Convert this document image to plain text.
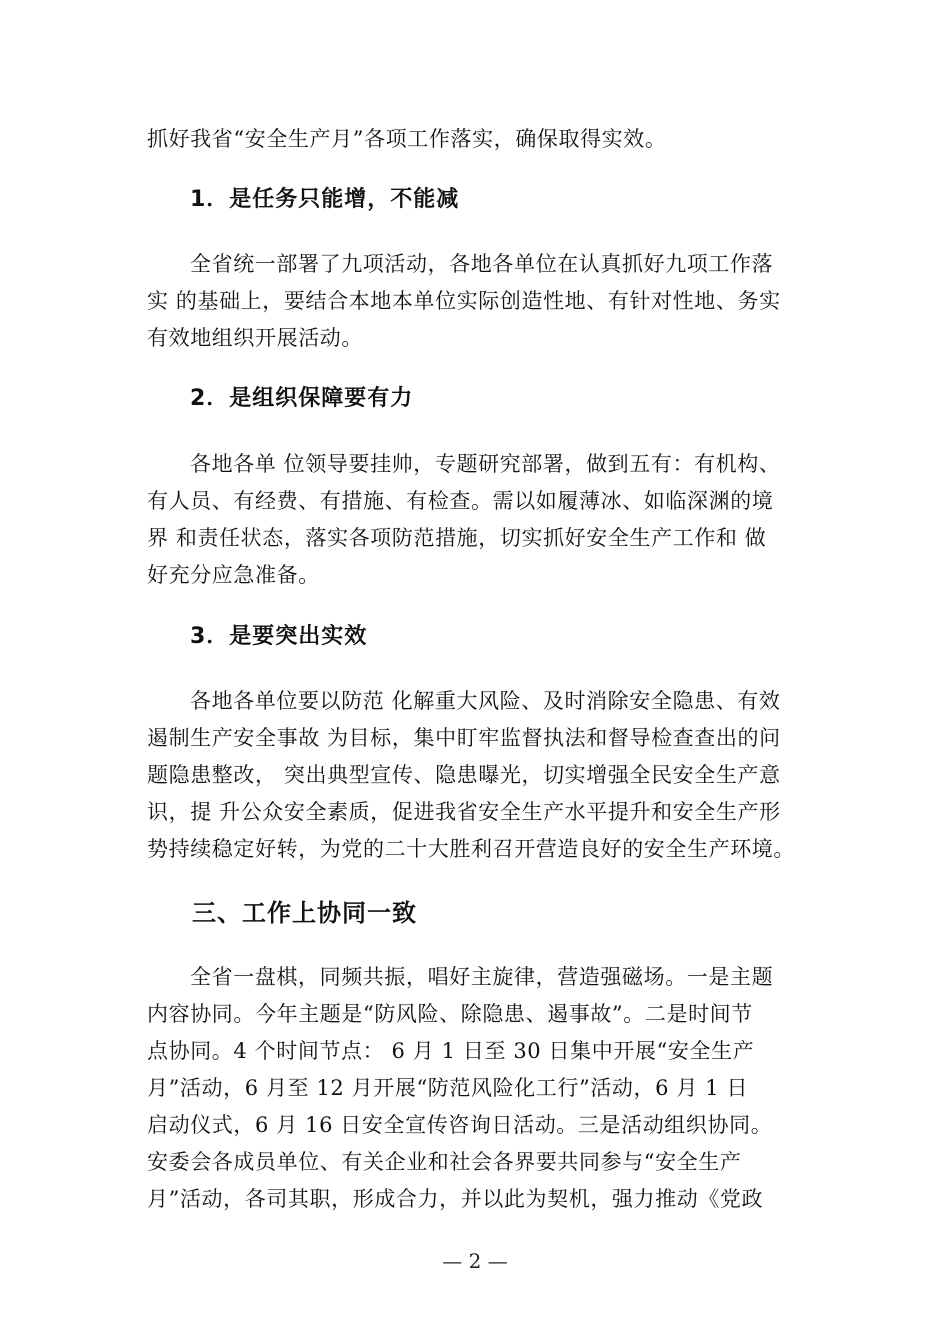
抓好我省“安全生产月”各项工作落实，确保取得实效。
1．是任务只能增，不能减
全省统一部署了九项活动，各地各单位在认真抓好九项工作落
实 的基础上，要结合本地本单位实际创造性地、有针对性地、务实
有效地组织开展活动。
2．是组织保障要有力
各地各单 位领导要挂帅，专题研究部署，做到五有：有机构、
有人员、有经费、有措施、有检查。需以如履薄冰、如临深渊的境
界 和责任状态，落实各项防范措施，切实抓好安全生产工作和 做
好充分应急准备。
3．是要突出实效
各地各单位要以防范 化解重大风险、及时消除安全隐患、有效
遏制生产安全事故 为目标，集中盯牢监督执法和督导检查查出的问
题隐患整改， 突出典型宣传、隐患曝光，切实增强全民安全生产意
识，提 升公众安全素质，促进我省安全生产水平提升和安全生产形
势持续稳定好转，为党的二十大胜利召开营造良好的安全生产环境。
三、工作上协同一致
全省一盘棋，同频共振，唱好主旋律，营造强磁场。一是主题
内容协同。今年主题是“防风险、除隐患、遏事故”。二是时间节
点协同。4 个时间节点： 6 月 1 日至 30 日集中开展“安全生产
月”活动，6 月至 12 月开展“防范风险化工行”活动，6 月 1 日
启动仪式，6 月 16 日安全宣传咨询日活动。三是活动组织协同。
安委会各成员单位、有关企业和社会各界要共同参与“安全生产
月”活动，各司其职，形成合力，并以此为契机，强力推动《党政
— 2 —
